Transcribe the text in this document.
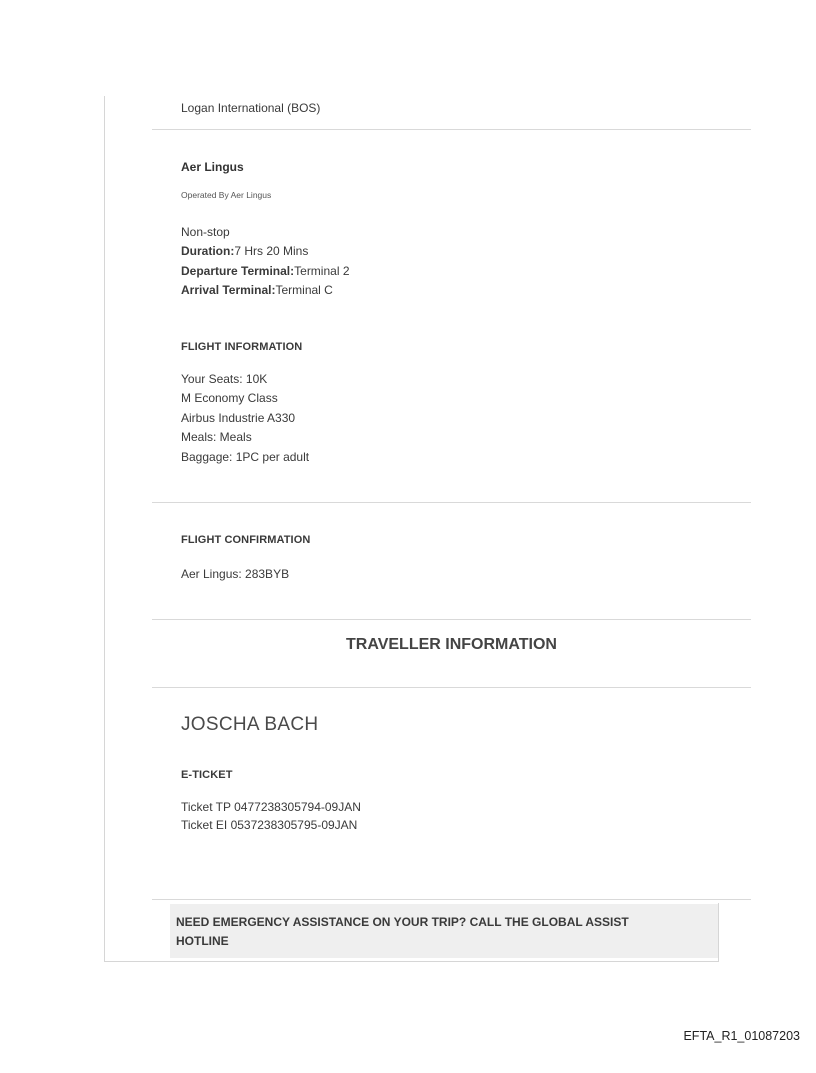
Logan International (BOS)
Aer Lingus
Operated By Aer Lingus
Non-stop
Duration:7 Hrs 20 Mins
Departure Terminal:Terminal 2
Arrival Terminal:Terminal C
FLIGHT INFORMATION
Your Seats: 10K
M Economy Class
Airbus Industrie A330
Meals: Meals
Baggage: 1PC per adult
FLIGHT CONFIRMATION
Aer Lingus: 283BYB
TRAVELLER INFORMATION
JOSCHA BACH
E-TICKET
Ticket TP 0477238305794-09JAN
Ticket EI 0537238305795-09JAN
NEED EMERGENCY ASSISTANCE ON YOUR TRIP? CALL THE GLOBAL ASSIST HOTLINE
EFTA_R1_01087203
